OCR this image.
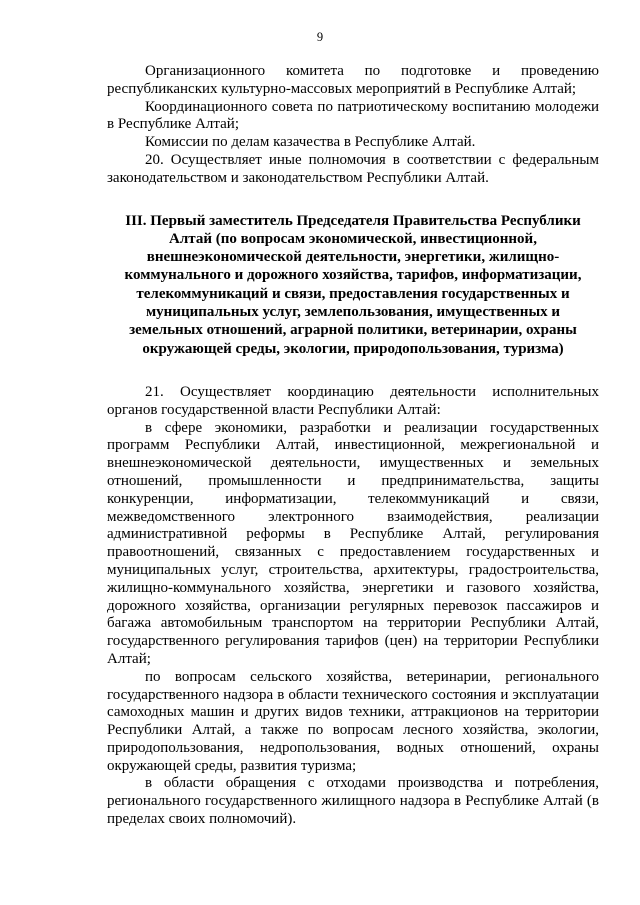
9

Организационного комитета по подготовке и проведению республиканских культурно-массовых мероприятий в Республике Алтай;

Координационного совета по патриотическому воспитанию молодежи в Республике Алтай;

Комиссии по делам казачества в Республике Алтай.

20. Осуществляет иные полномочия в соответствии с федеральным законодательством и законодательством Республики Алтай.

III. Первый заместитель Председателя Правительства Республики Алтай (по вопросам экономической, инвестиционной, внешнеэкономической деятельности, энергетики, жилищно-коммунального и дорожного хозяйства, тарифов, информатизации, телекоммуникаций и связи, предоставления государственных и муниципальных услуг, землепользования, имущественных и земельных отношений, аграрной политики, ветеринарии, охраны окружающей среды, экологии, природопользования, туризма)

21. Осуществляет координацию деятельности исполнительных органов государственной власти Республики Алтай:

в сфере экономики, разработки и реализации государственных программ Республики Алтай, инвестиционной, межрегиональной и внешнеэкономической деятельности, имущественных и земельных отношений, промышленности и предпринимательства, защиты конкуренции, информатизации, телекоммуникаций и связи, межведомственного электронного взаимодействия, реализации административной реформы в Республике Алтай, регулирования правоотношений, связанных с предоставлением государственных и муниципальных услуг, строительства, архитектуры, градостроительства, жилищно-коммунального хозяйства, энергетики и газового хозяйства, дорожного хозяйства, организации регулярных перевозок пассажиров и багажа автомобильным транспортом на территории Республики Алтай, государственного регулирования тарифов (цен) на территории Республики Алтай;

по вопросам сельского хозяйства, ветеринарии, регионального государственного надзора в области технического состояния и эксплуатации самоходных машин и других видов техники, аттракционов на территории Республики Алтай, а также по вопросам лесного хозяйства, экологии, природопользования, недропользования, водных отношений, охраны окружающей среды, развития туризма;

в области обращения с отходами производства и потребления, регионального государственного жилищного надзора в Республике Алтай (в пределах своих полномочий).
